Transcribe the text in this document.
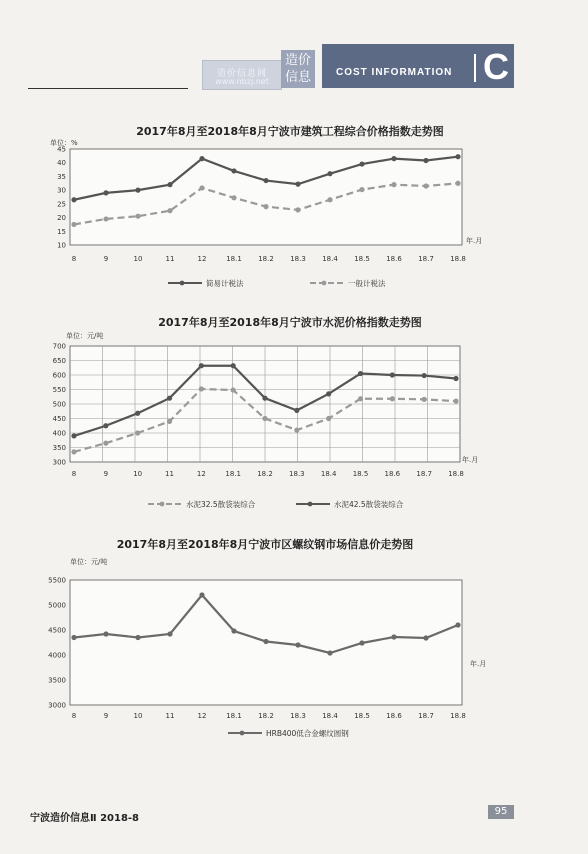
造价信息网
www.nbzj.net
造价
信息	COST INFORMATION C
2017年8月至2018年8月宁波市建筑工程综合价格指数走势图
单位：%
10
15
20
25
30
35
40
45
8	9	10	11	12	18.1 18.2 18.3 18.4 18.5 18.6 18.7 18.8
年.月
简易计税法	一般计税法
2017年8月至2018年8月宁波市水泥价格指数走势图
单位：元/吨
300
350
400
450
500
550
600
650
700
8	9	10	11	12	18.1 18.2 18.3 18.4 18.5 18.6 18.7 18.8
年.月
水泥32.5散袋装综合	水泥42.5散袋装综合
2017年8月至2018年8月宁波市区螺纹钢市场信息价走势图
单位：元/吨
3000
3500
4000
4500
5000
5500
8	9	10	11	12	18.1 18.2 18.3 18.4 18.5 18.6 18.7 18.8
年.月
HRB400低合金螺纹圆钢
宁波造价信息Ⅱ 2018-8
95
